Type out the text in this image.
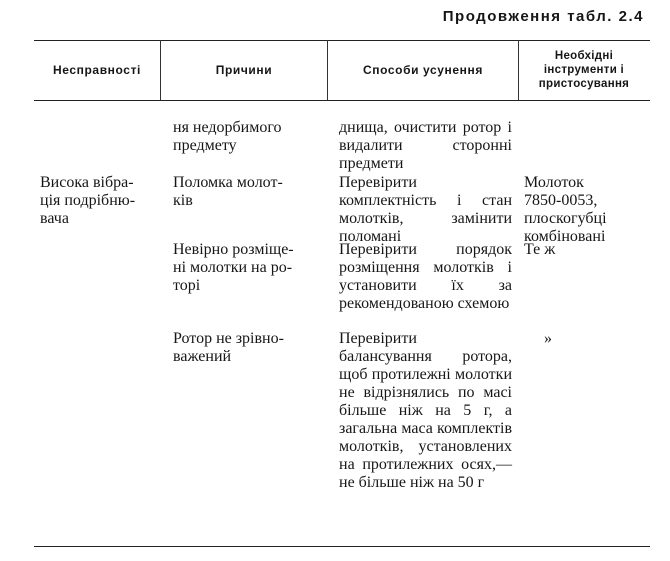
Продовження табл. 2.4
Несправності	Причини	Способи усунення
Необхідні інструменти і пристосування
ня недорбимого
предмету
днища, очистити ротор і видалити сторонні предмети
Висока вібра-
ція подрібню-
вача
Поломка молот-
ків
Перевірити комплектність і стан молотків, замінити поломані
Молоток
7850-0053,
плоскогубці
комбіновані
Невірно розміще-
ні молотки на ро-
торі
Перевірити порядок розміщення молотків і установити їх за рекомендованою схемою
Те ж
Ротор не зрівно-
важений
Перевірити балансування ротора, щоб протилежні молотки не відрізнялись по масі більше ніж на 5 г, а загальна маса комплектів молотків, установлених на протилежних осях,— не більше ніж на 50 г
»
